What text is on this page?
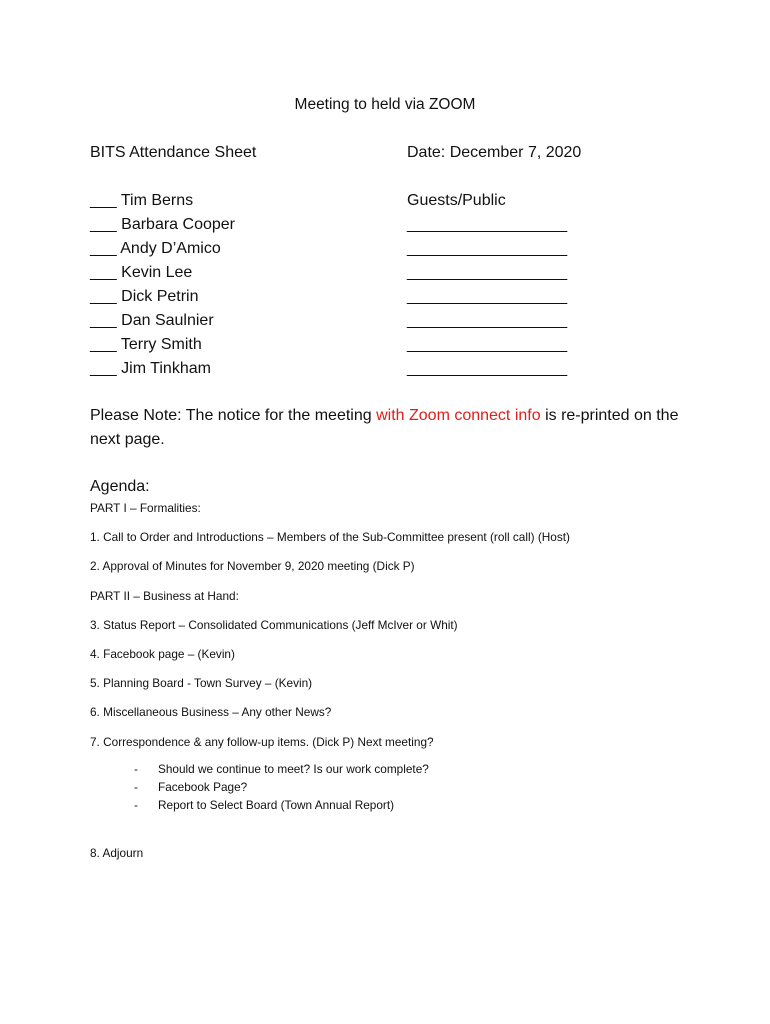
Meeting to held via ZOOM
BITS Attendance Sheet
___ Tim Berns
___ Barbara Cooper
___ Andy D’Amico
___ Kevin Lee
___ Dick Petrin
___ Dan Saulnier
___ Terry Smith
___ Jim Tinkham
Date: December 7, 2020
Guests/Public
__________________
__________________
__________________
__________________
__________________
__________________
__________________
Please Note: The notice for the meeting with Zoom connect info is re-printed on the next page.
Agenda:
PART I – Formalities:
1. Call to Order and Introductions – Members of the Sub-Committee present (roll call) (Host)
2. Approval of Minutes for November 9, 2020 meeting (Dick P)
PART II – Business at Hand:
3. Status Report – Consolidated Communications (Jeff McIver or Whit)
4. Facebook page – (Kevin)
5. Planning Board - Town Survey – (Kevin)
6. Miscellaneous Business – Any other News?
7. Correspondence & any follow-up items. (Dick P) Next meeting?
- Should we continue to meet? Is our work complete?
- Facebook Page?
- Report to Select Board (Town Annual Report)
8. Adjourn
